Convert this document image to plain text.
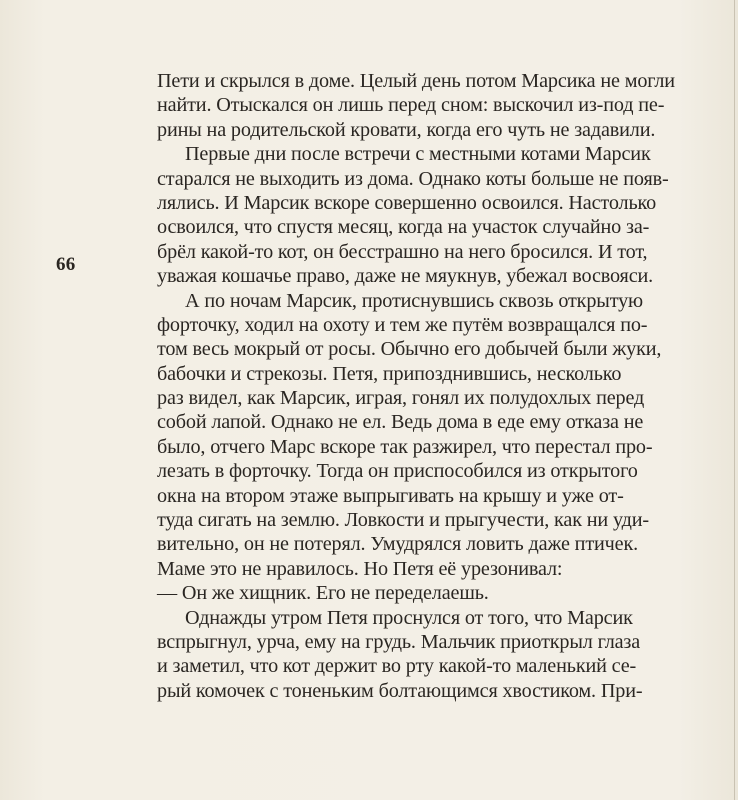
66
Пети и скрылся в доме. Целый день потом Марсика не могли
найти. Отыскался он лишь перед сном: выскочил из-под пе-
рины на родительской кровати, когда его чуть не задавили.
Первые дни после встречи с местными котами Марсик
старался не выходить из дома. Однако коты больше не появ-
лялись. И Марсик вскоре совершенно освоился. Настолько
освоился, что спустя месяц, когда на участок случайно за-
брёл какой-то кот, он бесстрашно на него бросился. И тот,
уважая кошачье право, даже не мяукнув, убежал восвояси.
А по ночам Марсик, протиснувшись сквозь открытую
форточку, ходил на охоту и тем же путём возвращался по-
том весь мокрый от росы. Обычно его добычей были жуки,
бабочки и стрекозы. Петя, припозднившись, несколько
раз видел, как Марсик, играя, гонял их полудохлых перед
собой лапой. Однако не ел. Ведь дома в еде ему отказа не
было, отчего Марс вскоре так разжирел, что перестал про-
лезать в форточку. Тогда он приспособился из открытого
окна на втором этаже выпрыгивать на крышу и уже от-
туда сигать на землю. Ловкости и прыгучести, как ни уди-
вительно, он не потерял. Умудрялся ловить даже птичек.
Маме это не нравилось. Но Петя её урезонивал:
— Он же хищник. Его не переделаешь.
Однажды утром Петя проснулся от того, что Марсик
вспрыгнул, урча, ему на грудь. Мальчик приоткрыл глаза
и заметил, что кот держит во рту какой-то маленький се-
рый комочек с тоненьким болтающимся хвостиком. При-
